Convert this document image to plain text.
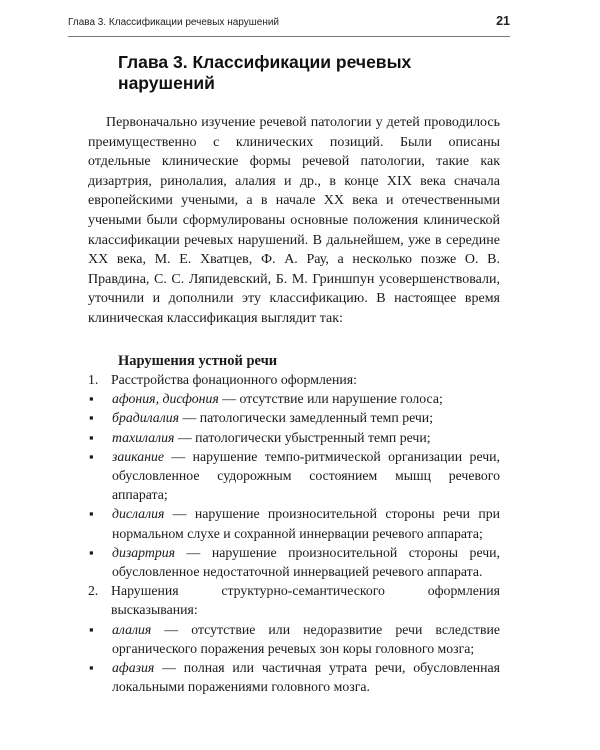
Глава 3. Классификации речевых нарушений	21
Глава 3. Классификации речевых нарушений

Первоначально изучение речевой патологии у детей проводилось преимущественно с клинических позиций. Были описаны отдельные клинические формы речевой патологии, такие как дизартрия, ринолалия, алалия и др., в конце XIX века сначала европейскими учеными, а в начале XX века и отечественными учеными были сформулированы основные положения клинической классификации речевых нарушений. В дальнейшем, уже в середине XX века, М. Е. Хватцев, Ф. А. Рау, а несколько позже О. В. Правдина, С. С. Ляпидевский, Б. М. Гриншпун усовершенствовали, уточнили и дополнили эту классификацию. В настоящее время клиническая классификация выглядит так:

Нарушения устной речи
1. Расстройства фонационного оформления:
▪	афония, дисфония — отсутствие или нарушение голоса;
▪	брадилалия — патологически замедленный темп речи;
▪	тахилалия — патологически убыстренный темп речи;
▪	заикание — нарушение темпо-ритмической организации речи, обусловленное судорожным состоянием мышц речевого аппарата;
▪	дислалия — нарушение произносительной стороны речи при нормальном слухе и сохранной иннервации речевого аппарата;
▪	дизартрия — нарушение произносительной стороны речи, обусловленное недостаточной иннервацией речевого аппарата.
2. Нарушения структурно-семантического оформления высказывания:
▪	алалия — отсутствие или недоразвитие речи вследствие органического поражения речевых зон коры головного мозга;
▪	афазия — полная или частичная утрата речи, обусловленная локальными поражениями головного мозга.
